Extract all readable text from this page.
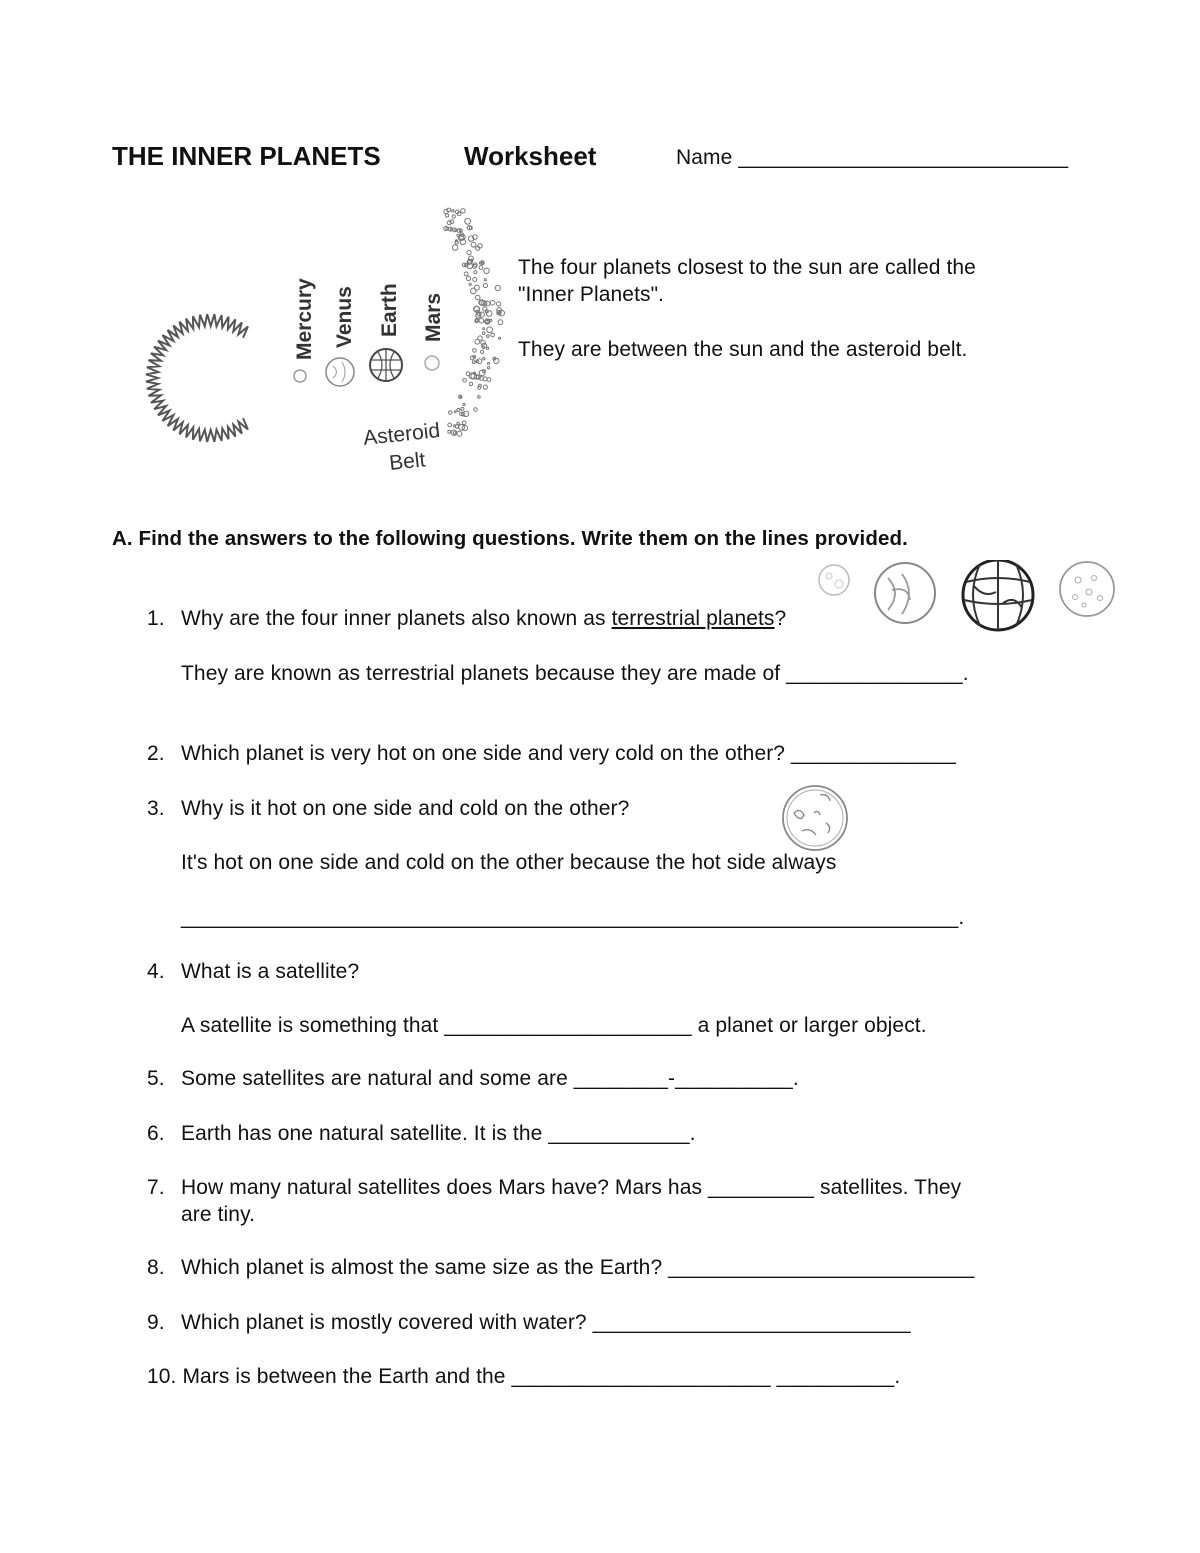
THE INNER PLANETS	Worksheet	Name ____________________________
Mercury Venus Earth Mars
Asteroid
Belt
The four planets closest to the sun are called the
"Inner Planets".
They are between the sun and the asteroid belt.
A. Find the answers to the following questions. Write them on the lines provided.
1. Why are the four inner planets also known as terrestrial planets?
They are known as terrestrial planets because they are made of _______________.
2. Which planet is very hot on one side and very cold on the other? ______________
3. Why is it hot on one side and cold on the other?
It's hot on one side and cold on the other because the hot side always
__________________________________________________________________.
4. What is a satellite?
A satellite is something that _____________________ a planet or larger object.
5. Some satellites are natural and some are ________-__________.
6. Earth has one natural satellite. It is the ____________.
7. How many natural satellites does Mars have? Mars has _________ satellites. They
are tiny.
8. Which planet is almost the same size as the Earth? __________________________
9. Which planet is mostly covered with water? ___________________________
10. Mars is between the Earth and the ______________________ __________.
